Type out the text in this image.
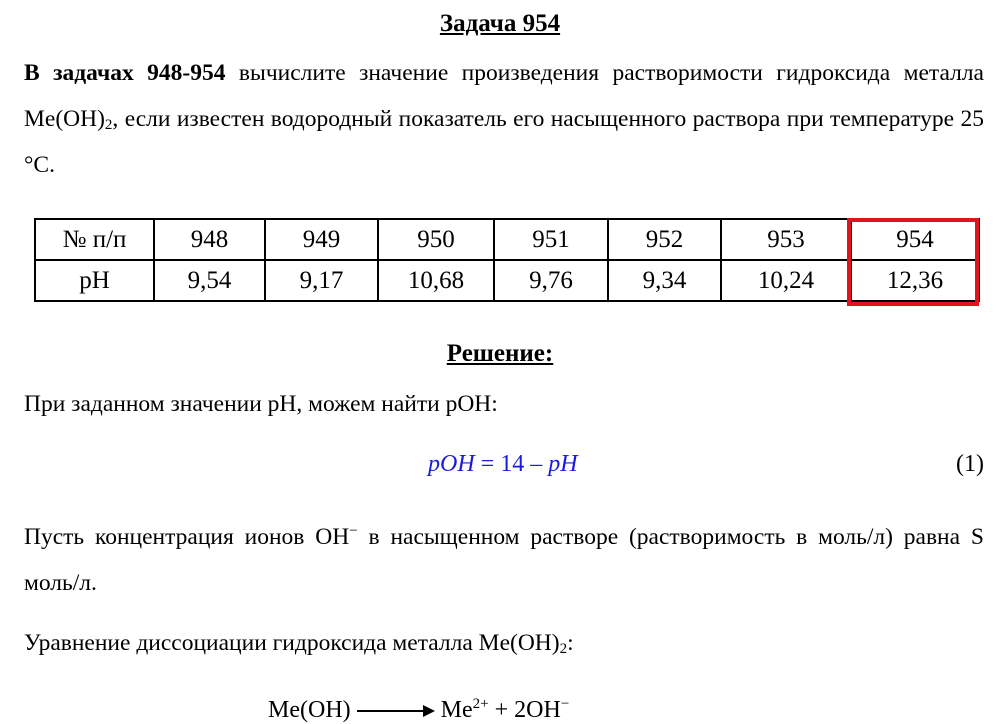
Задача 954
В задачах 948-954 вычислите значение произведения растворимости гидроксида металла $Me(OH)_2$, если известен водородный показатель его насыщенного раствора при температуре 25 °С.
№ п/п	948	949	950	951	952	953	954
pH	9,54	9,17	10,68	9,76	9,34	10,24	12,36
Решение:
При заданном значении pH, можем найти pOH:
pOH = 14 – pH	(1)
Пусть концентрация ионов OH− в насыщенном растворе (растворимость в моль/л) равна S моль/л.
Уравнение диссоциации гидроксида металла $Me(OH)_2$:
Me(OH)	$Me^{2+} + 2OH^-$
